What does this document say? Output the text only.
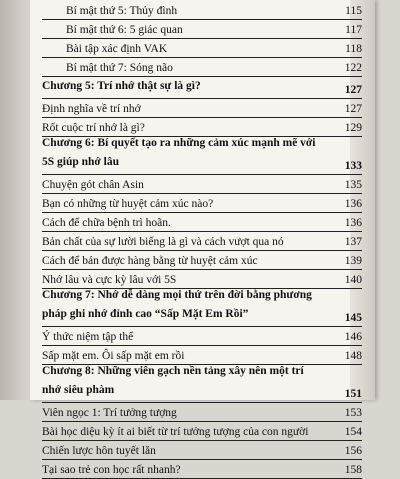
Bí mật thứ 5: Thủy đình	115
Bí mật thứ 6: 5 giác quan	117
Bài tập xác định VAK	118
Bí mật thứ 7: Sóng não	122
Chương 5: Trí nhớ thật sự là gì?	127
Định nghĩa về trí nhớ	127
Rốt cuộc trí nhớ là gì?	129
Chương 6: Bí quyết tạo ra những cảm xúc mạnh mẽ với 5S giúp nhớ lâu	133
Chuyện gót chân Asin	135
Bạn có những từ huyệt cảm xúc nào?	136
Cách để chữa bệnh trì hoãn.	136
Bản chất của sự lười biếng là gì và cách vượt qua nó	137
Cách để bán được hàng bằng từ huyệt cảm xúc	139
Nhớ lâu và cực kỳ lâu với 5S	140
Chương 7: Nhớ dễ dàng mọi thứ trên đời bằng phương pháp ghi nhớ đỉnh cao “Sấp Mặt Em Rồi”	145
Ý thức niệm tập thể	146
Sấp mặt em. Ôi sấp mặt em rồi	148
Chương 8: Những viên gạch nền tảng xây nên một trí nhớ siêu phàm	151
Viên ngọc 1: Trí tưởng tượng	153
Bài học diệu kỳ ít ai biết từ trí tưởng tượng của con người	154
Chiến lược hôn tuyết lăn	156
Tại sao trẻ con học rất nhanh?	158
